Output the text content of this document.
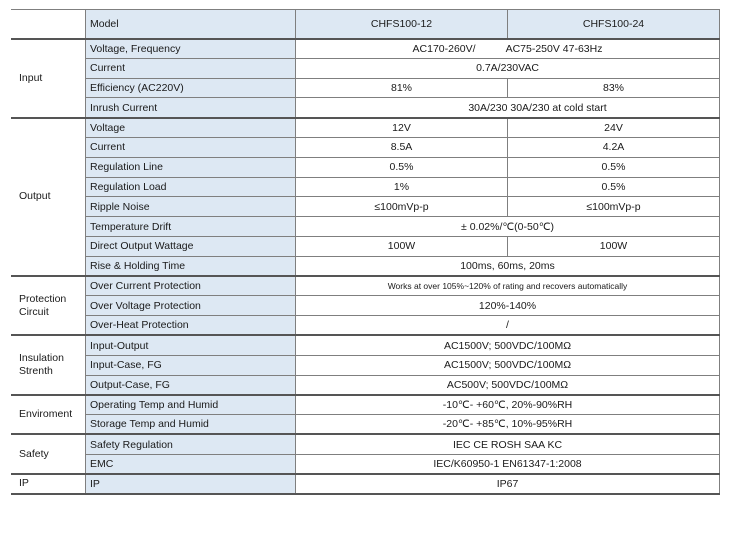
	Model	CHFS100-12	CHFS100-24
Input	Voltage, Frequency	AC170-260V/ AC75-250V 47-63Hz	
	Current	0.7A/230VAC	
	Efficiency (AC220V)	81%	83%
	Inrush Current	30A/230 30A/230 at cold start	
Output	Voltage	12V	24V
	Current	8.5A	4.2A
	Regulation Line	0.5%	0.5%
	Regulation Load	1%	0.5%
	Ripple Noise	≤100mVp-p	≤100mVp-p
	Temperature Drift	± 0.02%/℃(0-50℃)	
	Direct Output Wattage	100W	100W
	Rise & Holding Time	100ms, 60ms, 20ms	
Protection Circuit	Over Current Protection	Works at over 105%~120% of rating and recovers automatically	
	Over Voltage Protection	120%-140%	
	Over-Heat Protection	/	
Insulation Strenth	Input-Output	AC1500V; 500VDC/100MΩ	
	Input-Case, FG	AC1500V; 500VDC/100MΩ	
	Output-Case, FG	AC500V; 500VDC/100MΩ	
Enviroment	Operating Temp and Humid	-10℃- +60℃, 20%-90%RH	
	Storage Temp and Humid	-20℃- +85℃, 10%-95%RH	
Safety	Safety Regulation	IEC CE ROSH SAA KC	
	EMC	IEC/K60950-1 EN61347-1:2008	
IP	IP	IP67	
